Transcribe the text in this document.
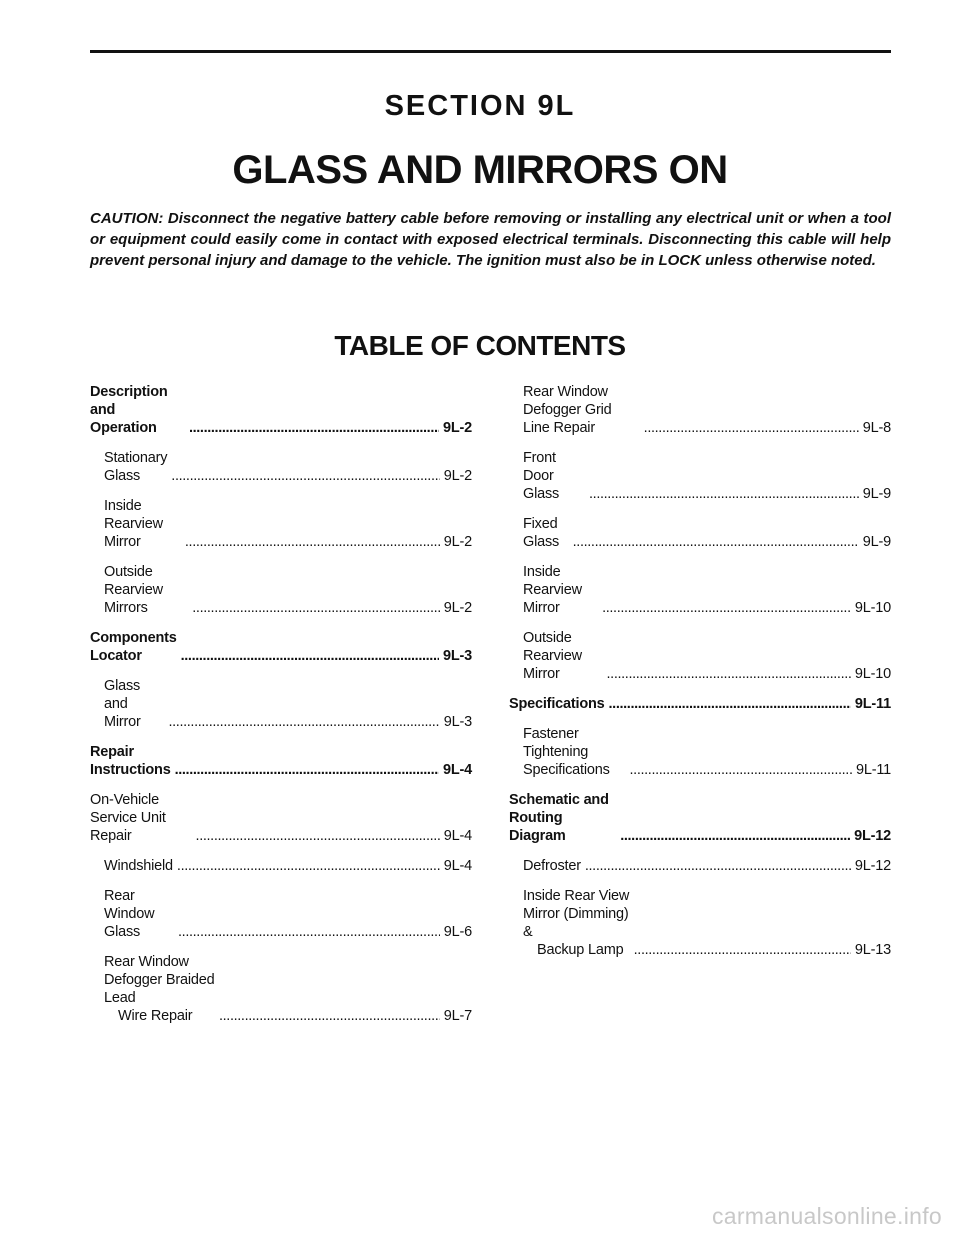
SECTION 9L
GLASS AND MIRRORS ON

CAUTION: Disconnect the negative battery cable before removing or installing any electrical unit or when a tool or equipment could easily come in contact with exposed electrical terminals. Disconnecting this cable will help prevent personal injury and damage to the vehicle. The ignition must also be in LOCK unless otherwise noted.

TABLE OF CONTENTS
Description and Operation . . .	9L-2
Stationary Glass . . .	9L-2
Inside Rearview Mirror . . .	9L-2
Outside Rearview Mirrors . . .	9L-2
Components Locator . . .	9L-3
Glass and Mirror . . .	9L-3
Repair Instructions . . .	9L-4
On-Vehicle Service Unit Repair . . .	9L-4
Windshield . . .	9L-4
Rear Window Glass . . .	9L-6
Rear Window Defogger Braided Lead
Wire Repair . . .	9L-7
Rear Window Defogger Grid Line Repair . . .	9L-8
Front Door Glass . . .	9L-9
Fixed Glass . . .	9L-9
Inside Rearview Mirror . . .	9L-10
Outside Rearview Mirror . . .	9L-10
Specifications . . .	9L-11
Fastener Tightening Specifications . . .	9L-11
Schematic and Routing Diagram . . .	9L-12
Defroster . . .	9L-12
Inside Rear View Mirror (Dimming) &
Backup Lamp . . .	9L-13
carmanualsonline.info
